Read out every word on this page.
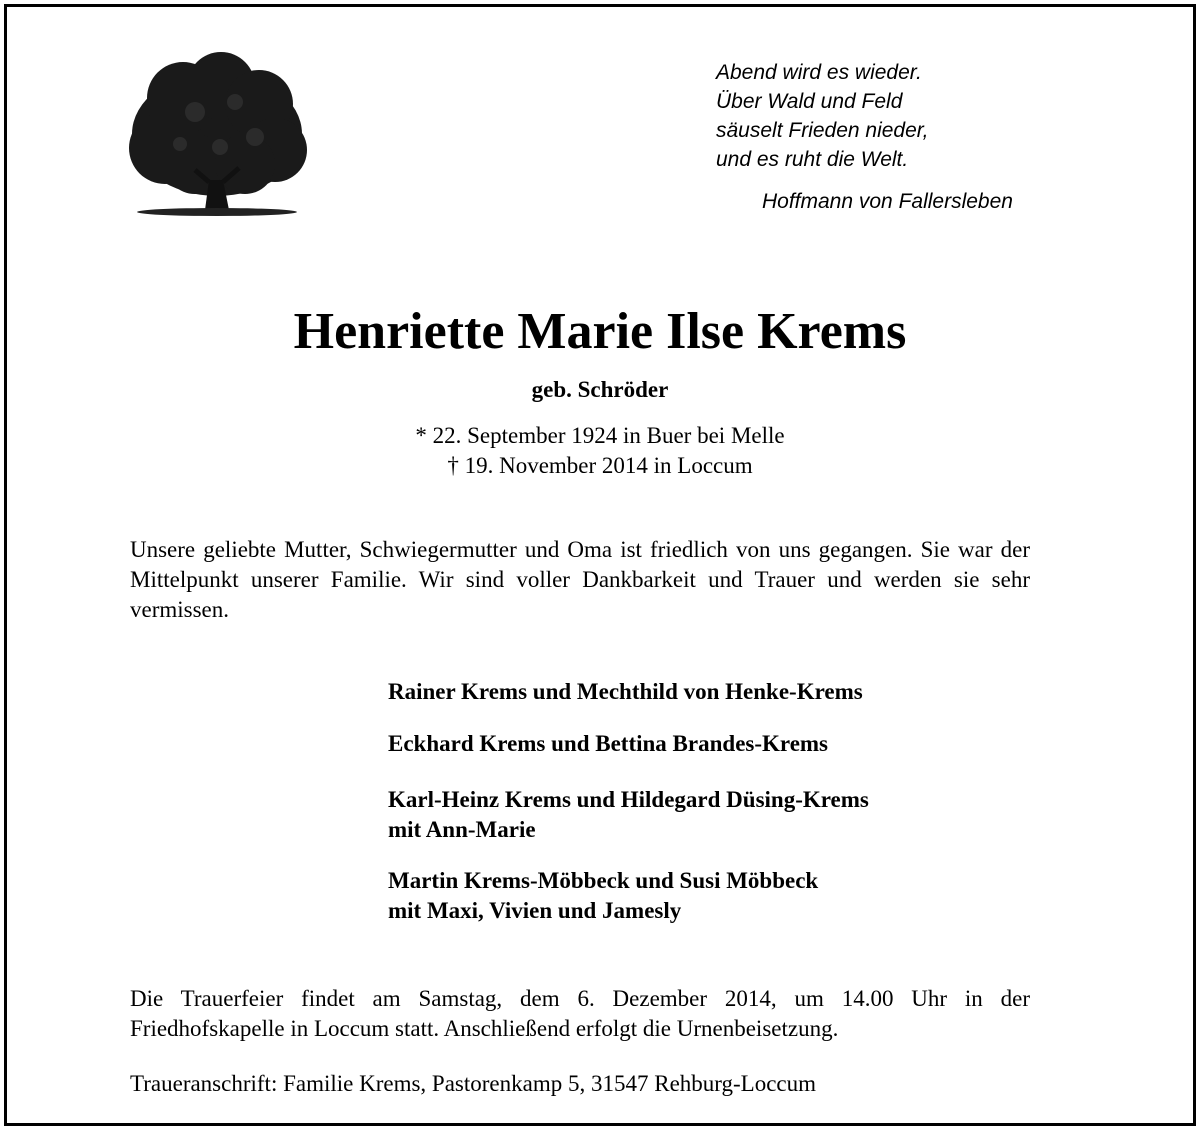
Abend wird es wieder.
Über Wald und Feld
säuselt Frieden nieder,
und es ruht die Welt.
Hoffmann von Fallersleben
Henriette Marie Ilse Krems
geb. Schröder
* 22. September 1924 in Buer bei Melle
† 19. November 2014 in Loccum
Unsere geliebte Mutter, Schwiegermutter und Oma ist friedlich von uns gegangen. Sie war der Mittelpunkt unserer Familie. Wir sind voller Dankbarkeit und Trauer und werden sie sehr vermissen.
Rainer Krems und Mechthild von Henke-Krems
Eckhard Krems und Bettina Brandes-Krems
Karl-Heinz Krems und Hildegard Düsing-Krems
mit Ann-Marie
Martin Krems-Möbbeck und Susi Möbbeck
mit Maxi, Vivien und Jamesly
Die Trauerfeier findet am Samstag, dem 6. Dezember 2014, um 14.00 Uhr in der Friedhofskapelle in Loccum statt. Anschließend erfolgt die Urnenbeisetzung.
Traueranschrift: Familie Krems, Pastorenkamp 5, 31547 Rehburg-Loccum
